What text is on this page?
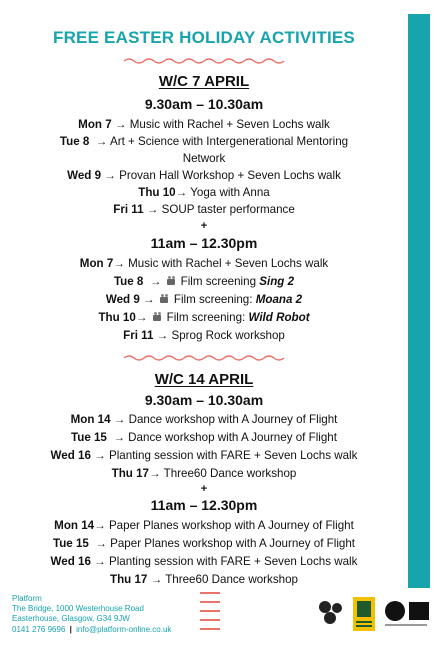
FREE EASTER HOLIDAY ACTIVITIES
W/C 7 APRIL
9.30am – 10.30am
Mon 7 → Music with Rachel + Seven Lochs walk
Tue 8 → Art + Science with Intergenerational Mentoring
Network
Wed 9 → Provan Hall Workshop + Seven Lochs walk
Thu 10→ Yoga with Anna
Fri 11 → SOUP taster performance
+
11am – 12.30pm
Mon 7→ Music with Rachel + Seven Lochs walk
Tue 8 → Film screening Sing 2
Wed 9 → Film screening: Moana 2
Thu 10→ Film screening: Wild Robot
Fri 11 → Sprog Rock workshop
W/C 14 APRIL
9.30am – 10.30am
Mon 14 → Dance workshop with A Journey of Flight
Tue 15 → Dance workshop with A Journey of Flight
Wed 16 → Planting session with FARE + Seven Lochs walk
Thu 17→ Three60 Dance workshop
+
11am – 12.30pm
Mon 14→ Paper Planes workshop with A Journey of Flight
Tue 15 → Paper Planes workshop with A Journey of Flight
Wed 16 → Planting session with FARE + Seven Lochs walk
Thu 17 → Three60 Dance workshop
Platform
The Bridge, 1000 Westerhouse Road
Easterhouse, Glasgow, G34 9JW
0141 276 9696 | info@platform-online.co.uk
